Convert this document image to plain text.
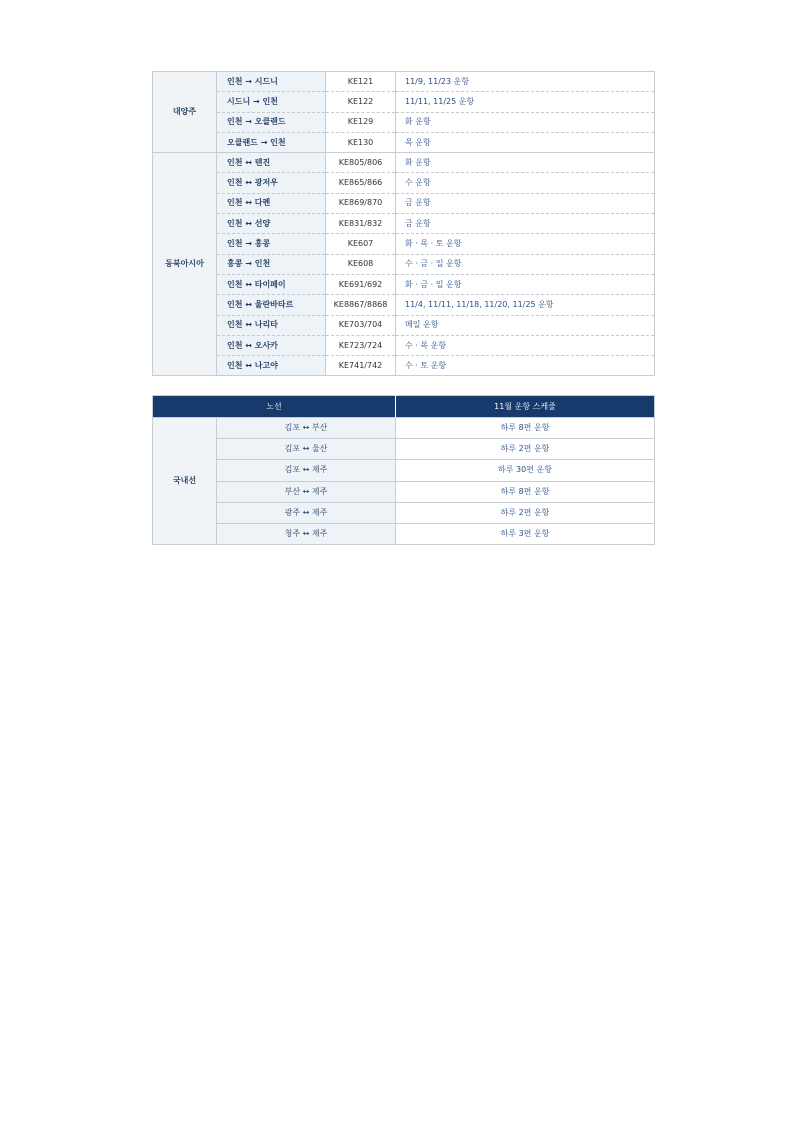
대양주	인천 → 시드니	KE121	11/9, 11/23 운항
	시드니 → 인천	KE122	11/11, 11/25 운항
	인천 → 오클랜드	KE129	화 운항
	오클랜드 → 인천	KE130	목 운항
동북아시아	인천 ↔ 텐진	KE805/806	화 운항
	인천 ↔ 광저우	KE865/866	수 운항
	인천 ↔ 다롄	KE869/870	금 운항
	인천 ↔ 선양	KE831/832	금 운항
	인천 → 홍콩	KE607	화 · 목 · 토 운항
	홍콩 → 인천	KE608	수 · 금 · 일 운항
	인천 ↔ 타이페이	KE691/692	화 · 금 · 일 운항
	인천 ↔ 울란바타르	KE8867/8868	11/4, 11/11, 11/18, 11/20, 11/25 운항
	인천 ↔ 나리타	KE703/704	매일 운항
	인천 ↔ 오사카	KE723/724	수 · 목 운항
	인천 ↔ 나고야	KE741/742	수 · 토 운항
노선		11월 운항 스케줄
국내선	김포 ↔ 부산	하루 8편 운항
	김포 ↔ 울산	하루 2편 운항
	김포 ↔ 제주	하루 30편 운항
	부산 ↔ 제주	하루 8편 운항
	광주 ↔ 제주	하루 2편 운항
	청주 ↔ 제주	하루 3편 운항
